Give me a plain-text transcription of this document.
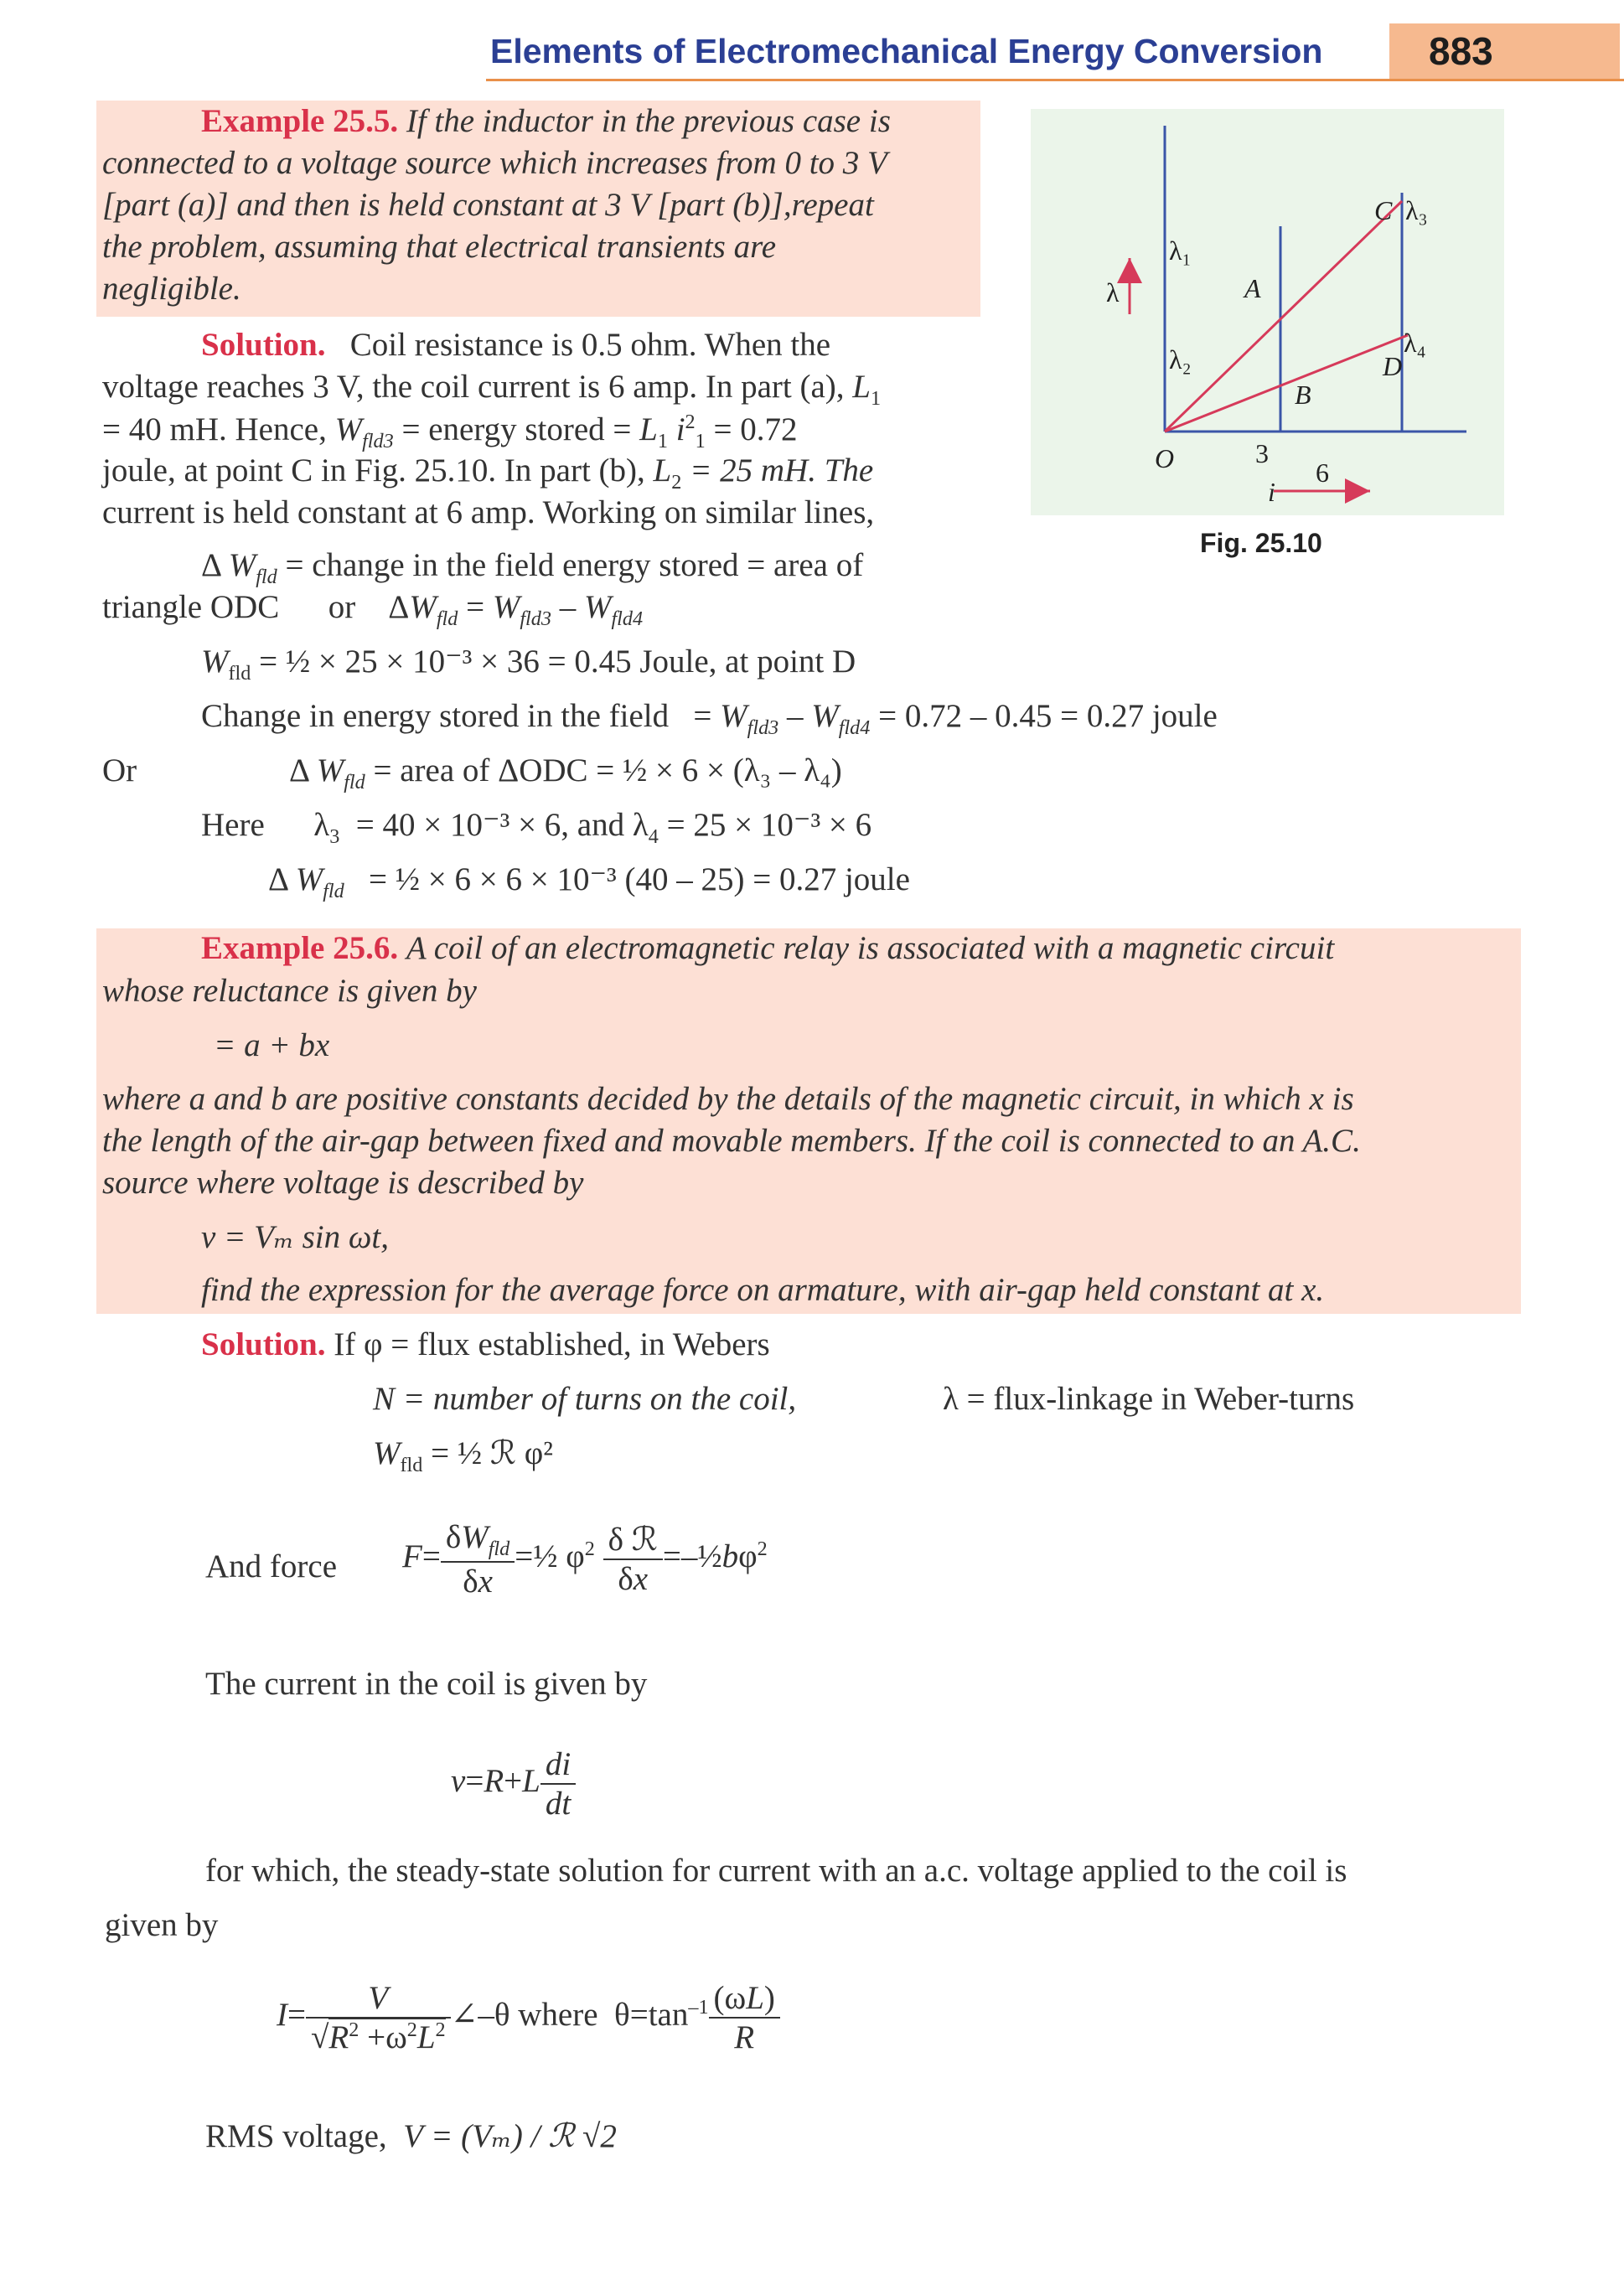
Elements of Electromechanical Energy Conversion	883
Example 25.5. If the inductor in the previous case is
connected to a voltage source which increases from 0 to 3 V
[part (a)] and then is held constant at 3 V [part (b)],repeat
the problem, assuming that electrical transients are
negligible.
Solution. Coil resistance is 0.5 ohm. When the
voltage reaches 3 V, the coil current is 6 amp. In part (a), $L_1$
= 40 mH. Hence, $W_{fld3}$ = energy stored = $L_1$ $i^2_1 = 0.72$
joule, at point C in Fig. 25.10. In part (b), $L_2 = 25$ mH. The
current is held constant at 6 amp. Working on similar lines,
Δ $W_{fld}$ = change in the field energy stored = area of
triangle ODC or    $\Delta W_{fld} = W_{fld3} - W_{fld4}$
$W_{fld}$ = ½ × 25 × 10⁻³ × 36 = 0.45 Joule, at point D
Change in energy stored in the field   = $W_{fld3} - W_{fld4} = 0.72 - 0.45 = 0.27$ joule
Or	Δ $W_{fld}$ = area of ΔODC = ½ × 6 × (λ₃ – λ₄)
Here      $\lambda_3 = 40 \times 10^{-3} \times 6$, and $\lambda_4 = 25 \times 10^{-3} \times 6$
Δ $W_{fld}$ = ½ × 6 × 6 × 10⁻³ (40 – 25) = 0.27 joule
λ
λ₁
λ₂
C λ₃
A
D
λ₄
B
O	3
6
i
Fig. 25.10
Example 25.6. A coil of an electromagnetic relay is associated with a magnetic circuit
whose reluctance is given by
= a + bx
where a and b are positive constants decided by the details of the magnetic circuit, in which x is
the length of the air-gap between fixed and movable members. If the coil is connected to an A.C.
source where voltage is described by
v = Vₘ sin ωt,
find the expression for the average force on armature, with air-gap held constant at x.
Solution. If φ = flux established, in Webers
N = number of turns on the coil,	λ = flux-linkage in Weber-turns
$W_{fld}$ = ½ ℛ φ²
And force $F= \frac{\delta W_{fld}}{\delta x}$ =½ $\varphi^2 \frac{\text{δ ℛ}}{\delta x}$ $=-\frac{1}{2}b\varphi^2$
The current in the coil is given by
$v=R+L \frac{di}{dt}$
for which, the steady-state solution for current with an a.c. voltage applied to the coil is
given by
$I= \frac{V}{√R^2 +\omega^2L^2}$ ∠–θ where  $\theta=\tan^{-1} \frac{(\omega L)}{R}$
RMS voltage, V = (Vₘ) / ℛ √2
